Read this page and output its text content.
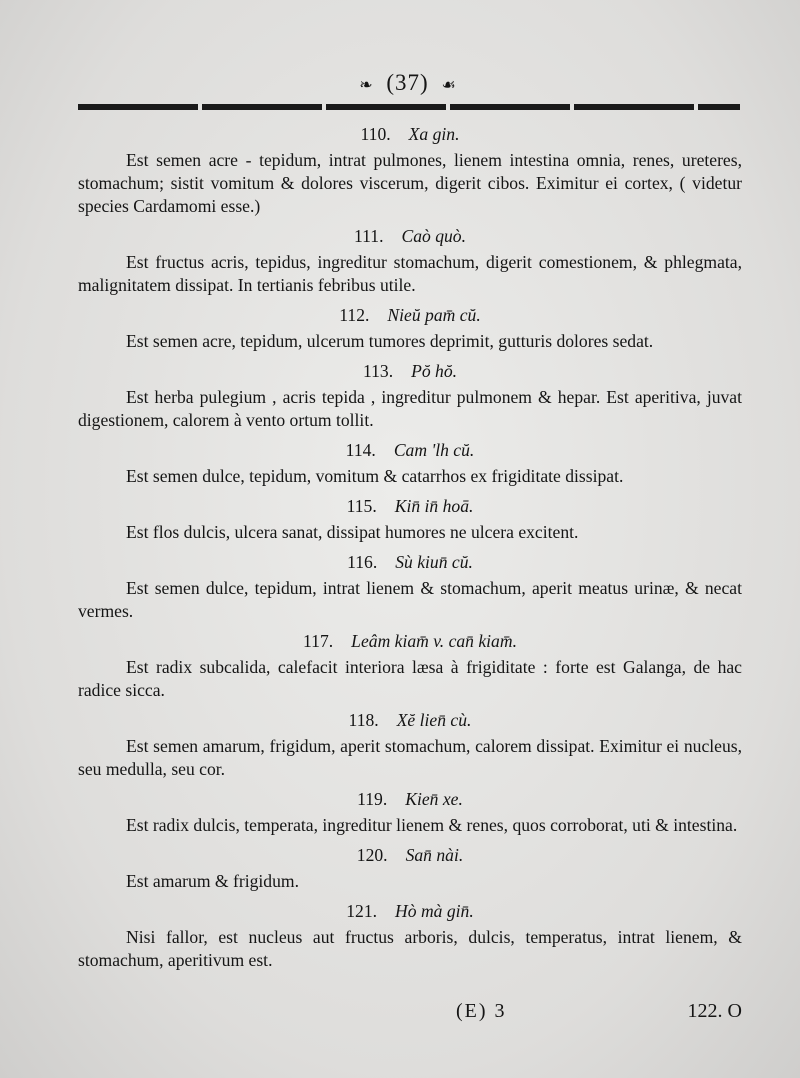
❧ (37) ☙
110. Xa gin.

Est semen acre - tepidum, intrat pulmones, lienem intestina omnia, renes, ureteres, stomachum; sistit vomitum & dolores viscerum, digerit cibos. Eximitur ei cortex, ( videtur species Cardamomi esse.)

111. Caò quò.

Est fructus acris, tepidus, ingreditur stomachum, digerit comestionem, & phlegmata, malignitatem dissipat. In tertianis febribus utile.

112. Nieŭ pam̄ cŭ.

Est semen acre, tepidum, ulcerum tumores deprimit, gutturis dolores sedat.

113. Pŏ hŏ.

Est herba pulegium , acris tepida , ingreditur pulmonem & hepar. Est aperitiva, juvat digestionem, calorem à vento ortum tollit.

114. Cam 'lh cŭ.

Est semen dulce, tepidum, vomitum & catarrhos ex frigiditate dissipat.

115. Kin̄ in̄ hoā.

Est flos dulcis, ulcera sanat, dissipat humores ne ulcera excitent.

116. Sù kiun̄ cŭ.

Est semen dulce, tepidum, intrat lienem & stomachum, aperit meatus urinæ, & necat vermes.

117. Leâm kiam̄ v. can̄ kiam̄.

Est radix subcalida, calefacit interiora læsa à frigiditate : forte est Galanga, de hac radice sicca.

118. Xĕ lien̄ cù.

Est semen amarum, frigidum, aperit stomachum, calorem dissipat. Eximitur ei nucleus, seu medulla, seu cor.

119. Kien̄ xe.

Est radix dulcis, temperata, ingreditur lienem & renes, quos corroborat, uti & intestina.

120. San̄ nài.

Est amarum & frigidum.

121. Hò mà gin̄.

Nisi fallor, est nucleus aut fructus arboris, dulcis, temperatus, intrat lienem, & stomachum, aperitivum est.

(E) 3	122. O
